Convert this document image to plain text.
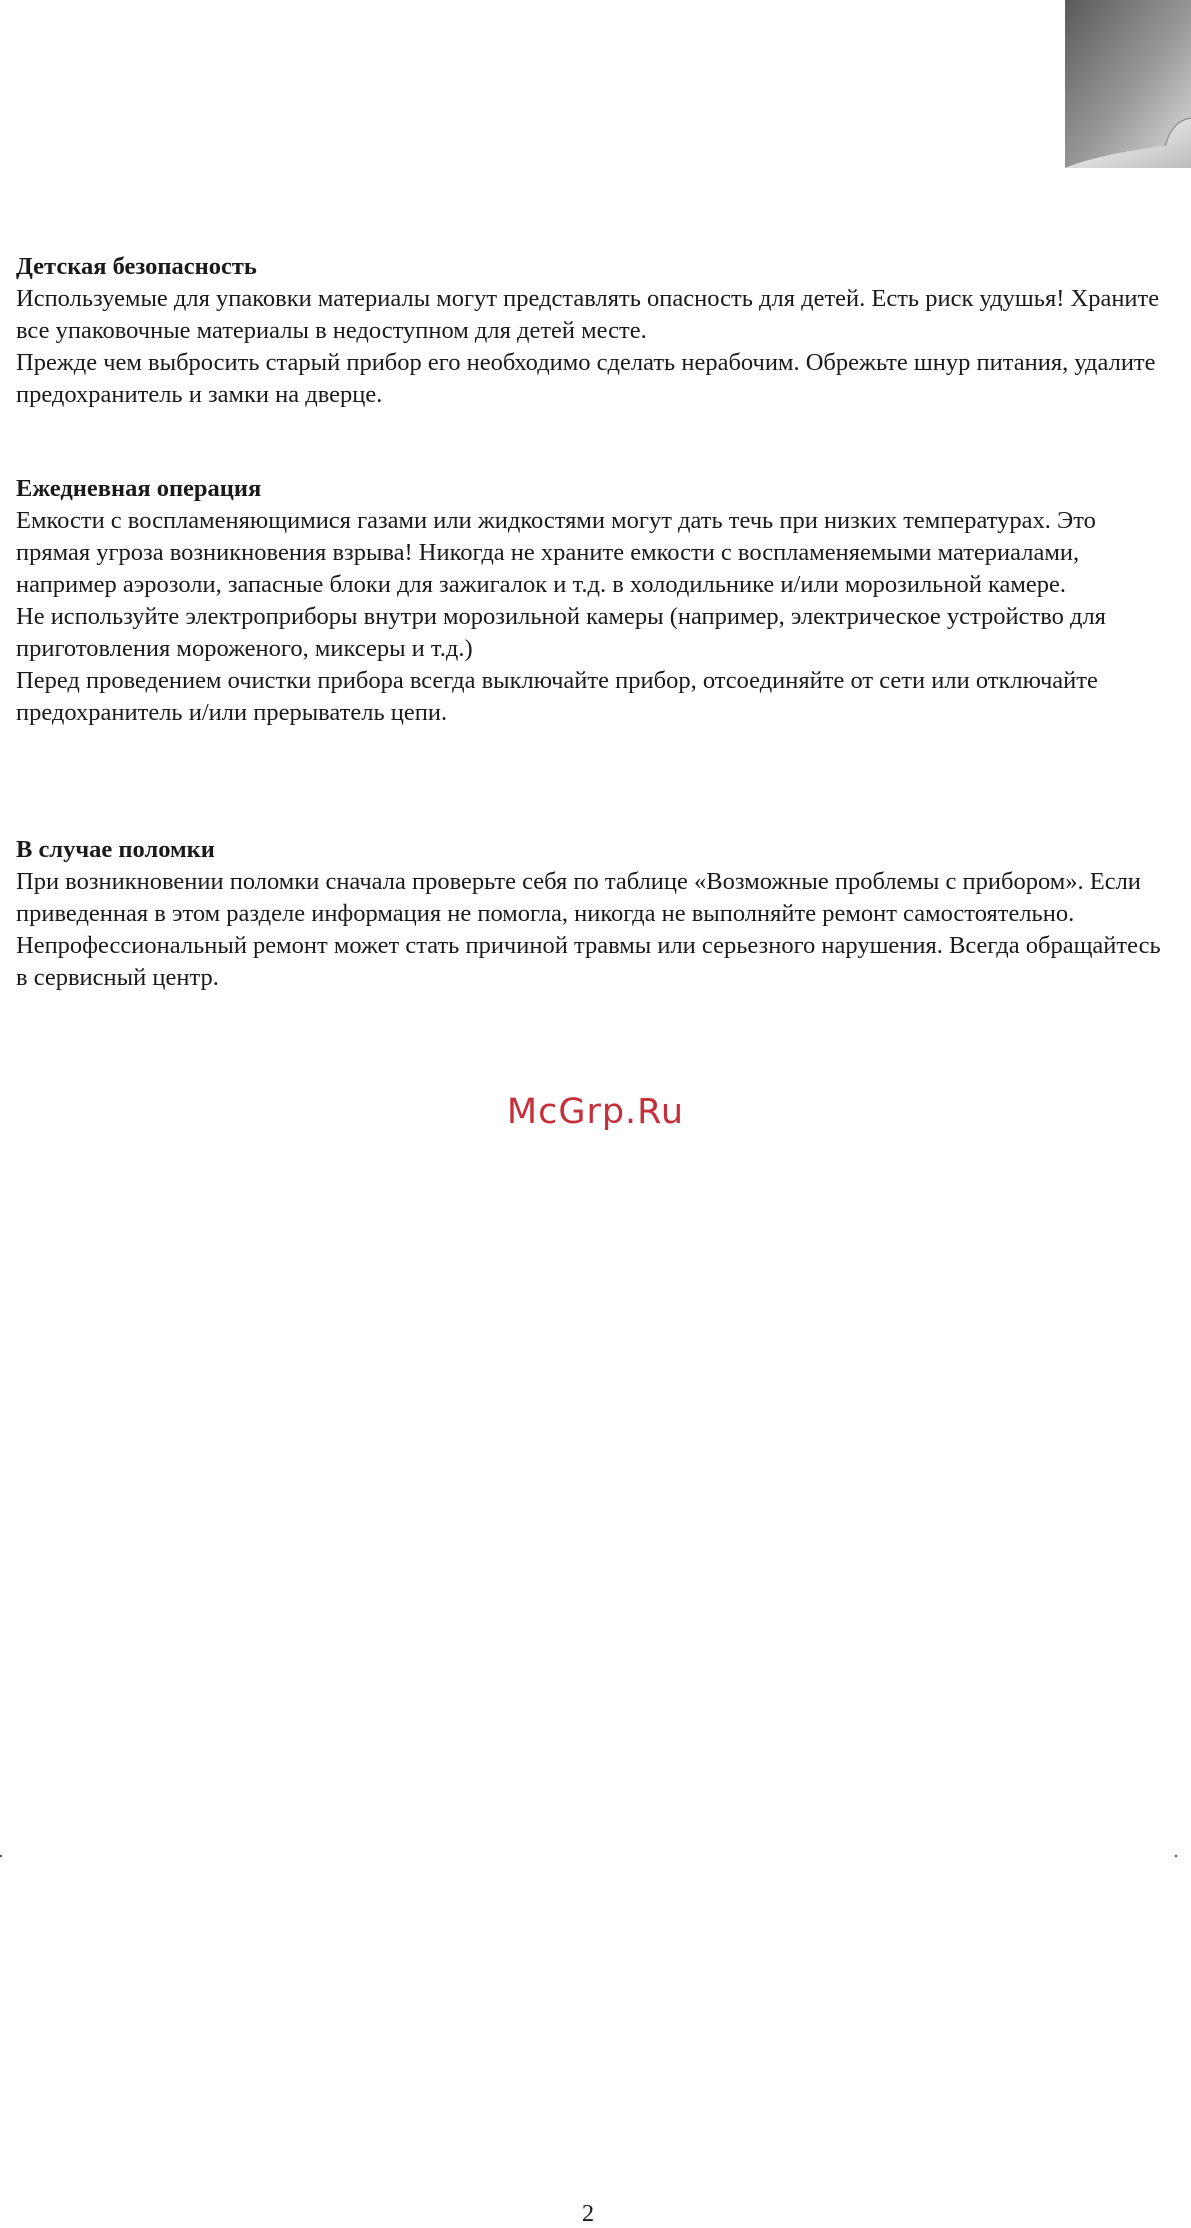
Детская безопасность

Используемые для упаковки материалы могут представлять опасность для детей. Есть риск удушья! Храните все упаковочные материалы в недоступном для детей месте.

Прежде чем выбросить старый прибор его необходимо сделать нерабочим. Обрежьте шнур питания, удалите предохранитель и замки на дверце.

Ежедневная операция

Емкости с воспламеняющимися газами или жидкостями могут дать течь при низких температурах. Это прямая угроза возникновения взрыва! Никогда не храните емкости с воспламеняемыми материалами, например аэрозоли, запасные блоки для зажигалок и т.д. в холодильнике и/или морозильной камере.

Не используйте электроприборы внутри морозильной камеры (например, электрическое устройство для приготовления мороженого, миксеры и т.д.)

Перед проведением очистки прибора всегда выключайте прибор, отсоединяйте от сети или отключайте предохранитель и/или прерыватель цепи.

В случае поломки

При возникновении поломки сначала проверьте себя по таблице «Возможные проблемы с прибором». Если приведенная в этом разделе информация не помогла, никогда не выполняйте ремонт самостоятельно. Непрофессиональный ремонт может стать причиной травмы или серьезного нарушения. Всегда обращайтесь в сервисный центр.

McGrp.Ru
2
